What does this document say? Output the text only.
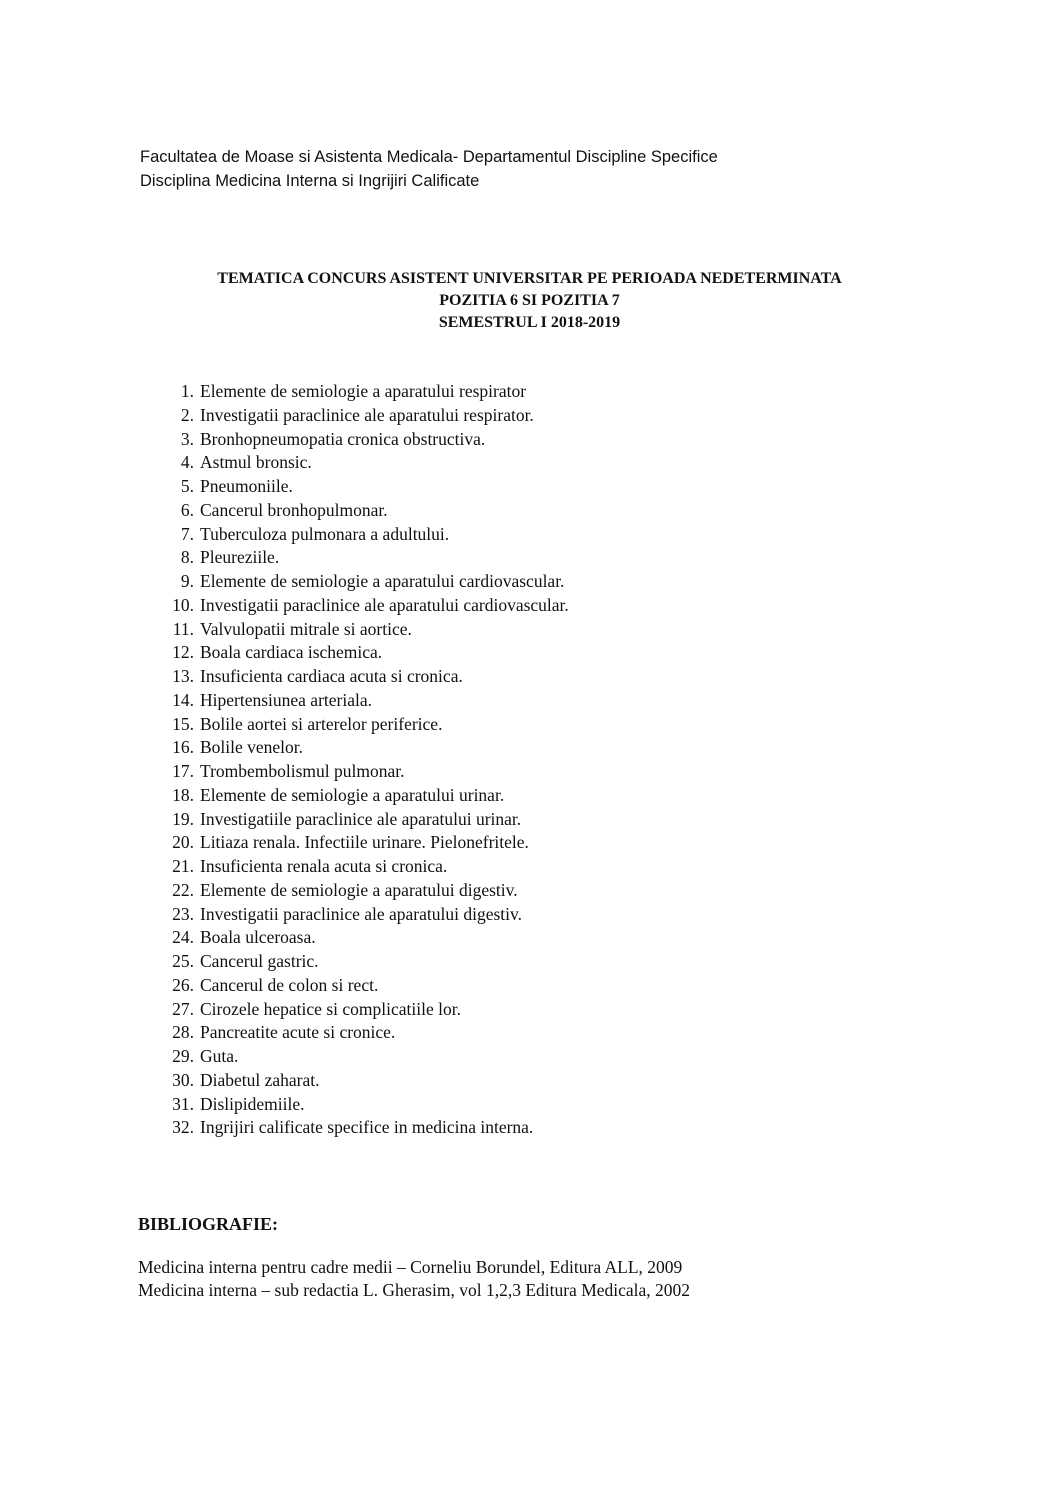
Facultatea de Moase si Asistenta Medicala- Departamentul Discipline Specifice
Disciplina Medicina Interna si Ingrijiri Calificate
TEMATICA CONCURS ASISTENT UNIVERSITAR PE PERIOADA NEDETERMINATA
POZITIA 6 SI POZITIA 7
SEMESTRUL I 2018-2019
1. Elemente de semiologie a aparatului respirator
2. Investigatii paraclinice ale aparatului respirator.
3. Bronhopneumopatia cronica obstructiva.
4. Astmul bronsic.
5. Pneumoniile.
6. Cancerul bronhopulmonar.
7. Tuberculoza pulmonara a adultului.
8. Pleureziile.
9. Elemente de semiologie a aparatului cardiovascular.
10. Investigatii paraclinice ale aparatului cardiovascular.
11. Valvulopatii mitrale si aortice.
12. Boala cardiaca ischemica.
13. Insuficienta cardiaca acuta si cronica.
14. Hipertensiunea arteriala.
15. Bolile aortei si arterelor periferice.
16. Bolile venelor.
17. Trombembolismul pulmonar.
18. Elemente de semiologie a aparatului urinar.
19. Investigatiile paraclinice ale aparatului urinar.
20. Litiaza renala. Infectiile urinare. Pielonefritele.
21. Insuficienta renala acuta si cronica.
22. Elemente de semiologie a aparatului digestiv.
23. Investigatii paraclinice ale aparatului digestiv.
24. Boala ulceroasa.
25. Cancerul gastric.
26. Cancerul de colon si rect.
27. Cirozele hepatice si complicatiile lor.
28. Pancreatite acute si cronice.
29. Guta.
30. Diabetul zaharat.
31. Dislipidemiile.
32. Ingrijiri calificate specifice in medicina interna.
BIBLIOGRAFIE:
Medicina interna pentru cadre medii – Corneliu Borundel, Editura ALL, 2009
Medicina interna – sub redactia L. Gherasim, vol 1,2,3 Editura Medicala, 2002
